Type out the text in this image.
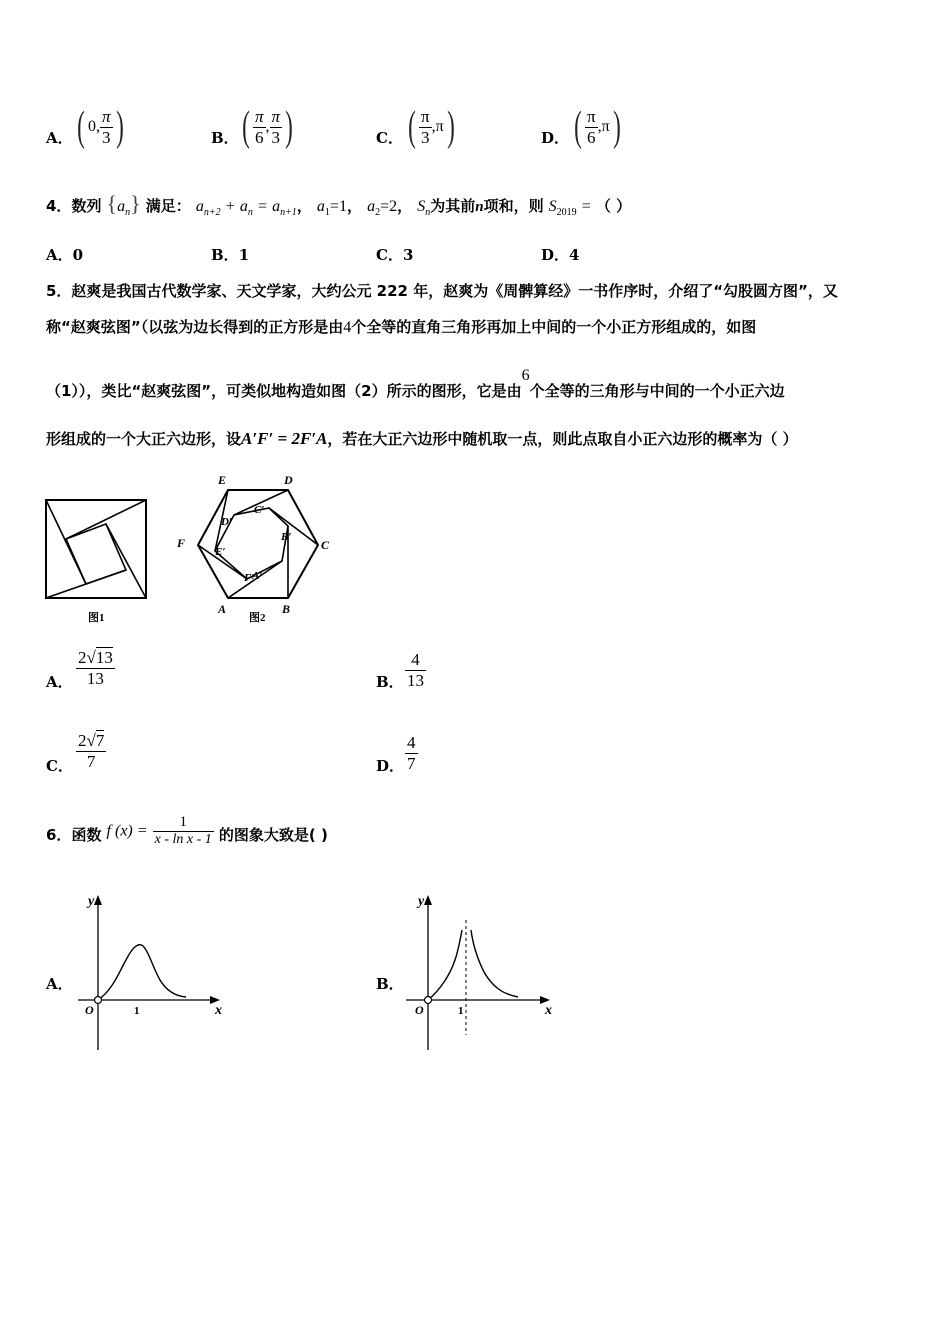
A． ( 0, $\frac{\pi}{3}$ )	B． ( $\frac{\pi}{6}$ , $\frac{\pi}{3}$ )	C． ( $\frac{\pi}{3} ,\pi$)	D． ( $\frac{\pi}{6} ,\pi$)
4．数列 $\{a_n\}$ 满足： $a_{n+2} + a_n = a_{n+1}$， $a_1=1$， $a_2=2$， $S_n$为其前n项和，则 $S_{2019}$ = （ ）
A．0	B．1	C．3	D．4
5．赵爽是我国古代数学家、天文学家，大约公元 222 年，赵爽为《周髀算经》一书作序时，介绍了“勾股圆方图”，又
称“赵爽弦图”（以弦为边长得到的正方形是由4个全等的直角三角形再加上中间的一个小正方形组成的，如图
（1）），类比“赵爽弦图”，可类似地构造如图（2）所示的图形，它是由6个全等的三角形与中间的一个小正六边
形组成的一个大正六边形，设A′F′ = 2F′A，若在大正六边形中随机取一点，则此点取自小正六边形的概率为（ ）
图1
A	B
C
D
E
F
A′
B′
C′
D′
E′
F′
图2
A． $\frac{2√13}{13}$	B． $\frac{4}{13}$
C． $\frac{2√7}{7}$	D． $\frac{4}{7}$
6．函数 f $(x) = \frac{1}{\text{x - ln x - 1}}$ 的图象大致是( )
A．
y
x
O	1
B．
y
x
O	1
